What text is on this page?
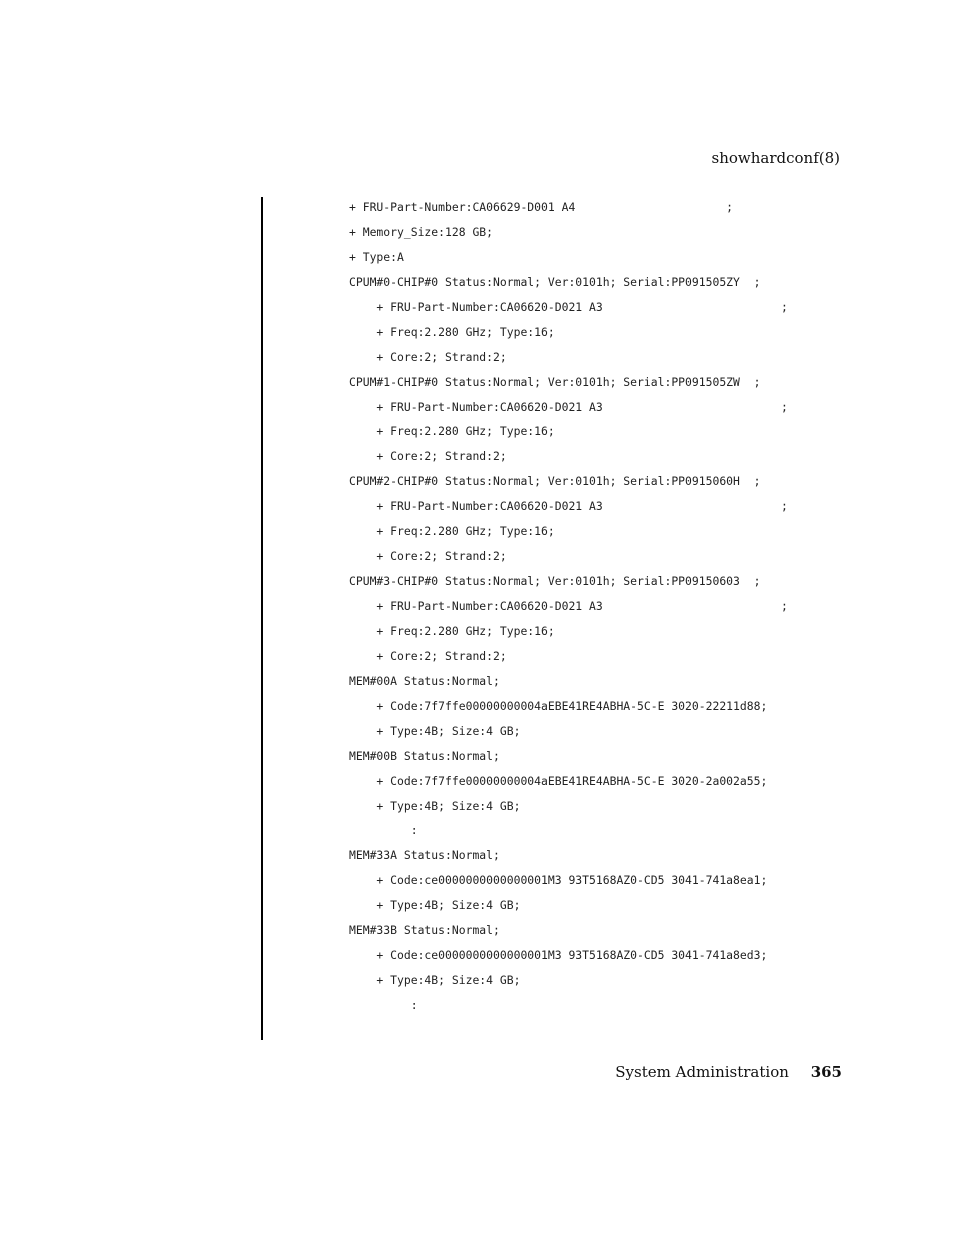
showhardconf(8)
+ FRU-Part-Number:CA06629-D001 A4                      ;
+ Memory_Size:128 GB;
+ Type:A
CPUM#0-CHIP#0 Status:Normal; Ver:0101h; Serial:PP091505ZY  ;
+ FRU-Part-Number:CA06620-D021 A3                          ;
+ Freq:2.280 GHz; Type:16;
+ Core:2; Strand:2;
CPUM#1-CHIP#0 Status:Normal; Ver:0101h; Serial:PP091505ZW  ;
+ FRU-Part-Number:CA06620-D021 A3                          ;
+ Freq:2.280 GHz; Type:16;
+ Core:2; Strand:2;
CPUM#2-CHIP#0 Status:Normal; Ver:0101h; Serial:PP0915060H  ;
+ FRU-Part-Number:CA06620-D021 A3                          ;
+ Freq:2.280 GHz; Type:16;
+ Core:2; Strand:2;
CPUM#3-CHIP#0 Status:Normal; Ver:0101h; Serial:PP09150603  ;
+ FRU-Part-Number:CA06620-D021 A3                          ;
+ Freq:2.280 GHz; Type:16;
+ Core:2; Strand:2;
MEM#00A Status:Normal;
+ Code:7f7ffe00000000004aEBE41RE4ABHA-5C-E 3020-22211d88;
+ Type:4B; Size:4 GB;
MEM#00B Status:Normal;
+ Code:7f7ffe00000000004aEBE41RE4ABHA-5C-E 3020-2a002a55;
+ Type:4B; Size:4 GB;
:
MEM#33A Status:Normal;
+ Code:ce0000000000000001M3 93T5168AZ0-CD5 3041-741a8ea1;
+ Type:4B; Size:4 GB;
MEM#33B Status:Normal;
+ Code:ce0000000000000001M3 93T5168AZ0-CD5 3041-741a8ed3;
+ Type:4B; Size:4 GB;
:
System Administration 365
